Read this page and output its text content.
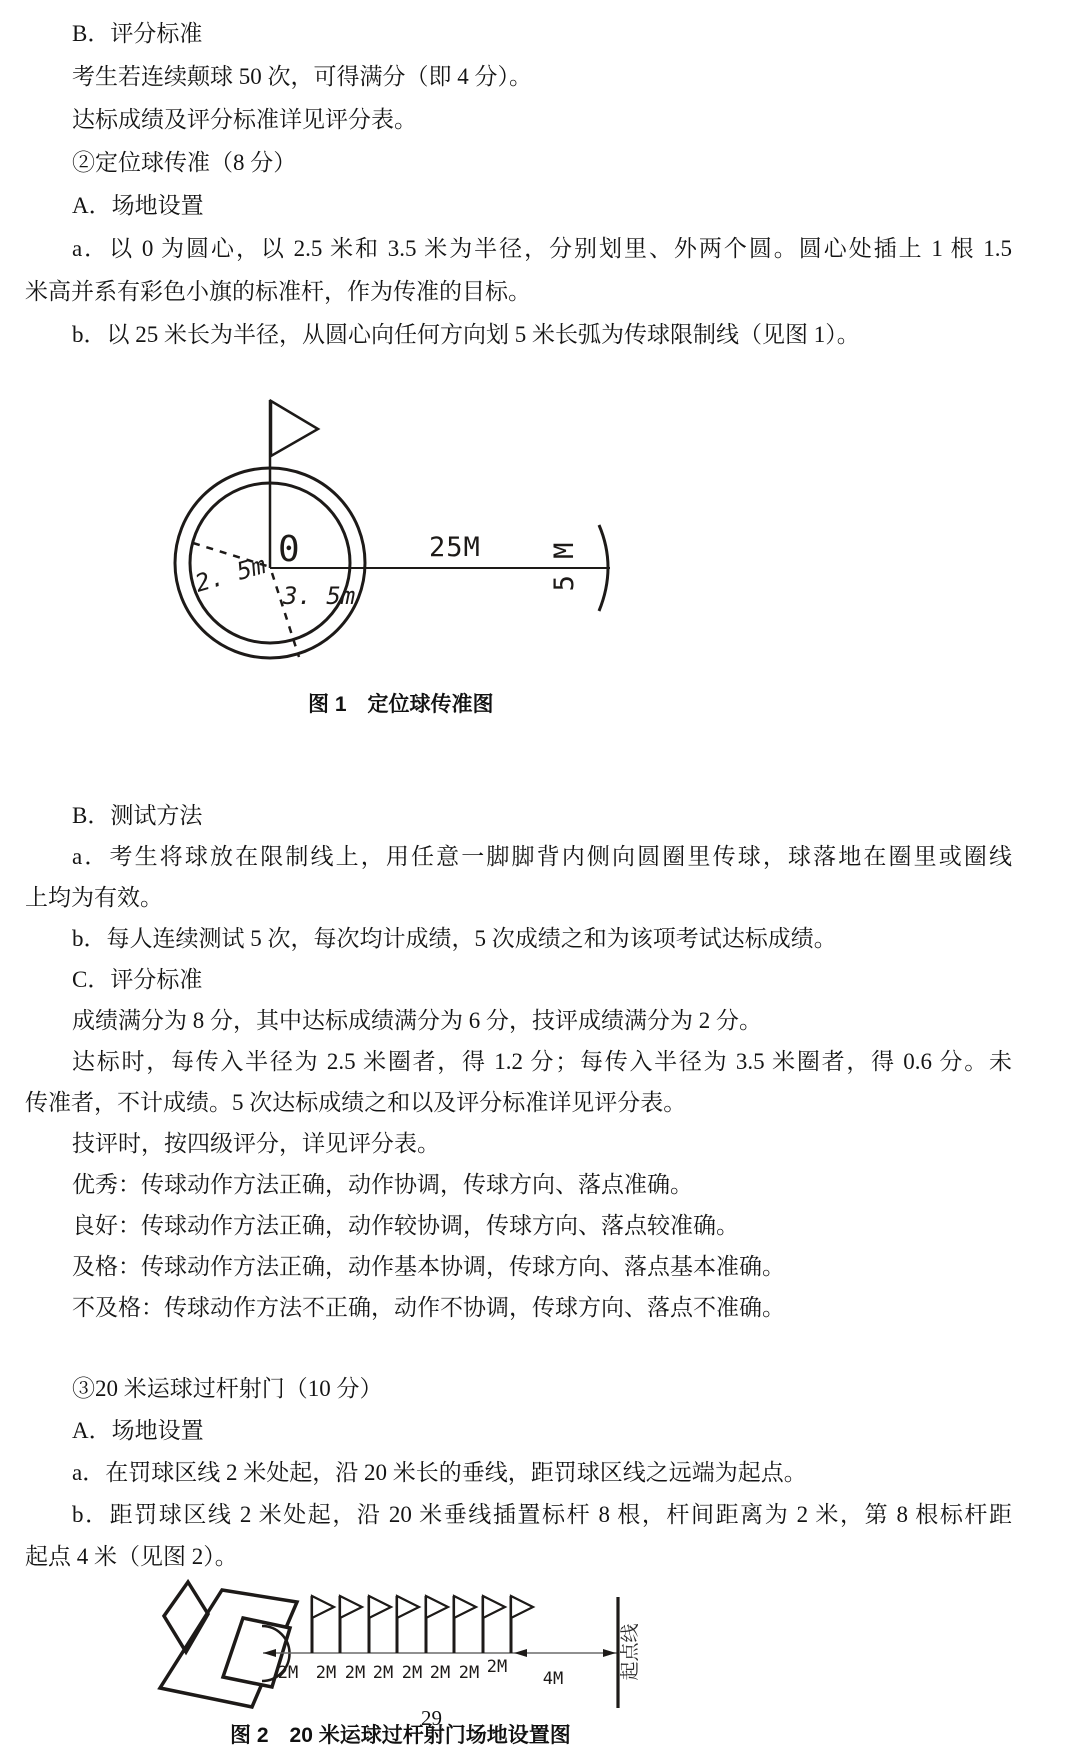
B．评分标准
考生若连续颠球 50 次，可得满分（即 4 分）。
达标成绩及评分标准详见评分表。
②定位球传准（8 分）
A．场地设置
a．以 0 为圆心，以 2.5 米和 3.5 米为半径，分别划里、外两个圆。圆心处插上 1 根 1.5
米高并系有彩色小旗的标准杆，作为传准的目标。
b．以 25 米长为半径，从圆心向任何方向划 5 米长弧为传球限制线（见图 1）。
B．测试方法
a．考生将球放在限制线上，用任意一脚脚背内侧向圆圈里传球，球落地在圈里或圈线
上均为有效。
b．每人连续测试 5 次，每次均计成绩，5 次成绩之和为该项考试达标成绩。
C．评分标准
成绩满分为 8 分，其中达标成绩满分为 6 分，技评成绩满分为 2 分。
达标时，每传入半径为 2.5 米圈者，得 1.2 分；每传入半径为 3.5 米圈者，得 0.6 分。未
传准者，不计成绩。5 次达标成绩之和以及评分标准详见评分表。
技评时，按四级评分，详见评分表。
优秀：传球动作方法正确，动作协调，传球方向、落点准确。
良好：传球动作方法正确，动作较协调，传球方向、落点较准确。
及格：传球动作方法正确，动作基本协调，传球方向、落点基本准确。
不及格：传球动作方法不正确，动作不协调，传球方向、落点不准确。
③20 米运球过杆射门（10 分）
A．场地设置
a．在罚球区线 2 米处起，沿 20 米长的垂线，距罚球区线之远端为起点。
b．距罚球区线 2 米处起，沿 20 米垂线插置标杆 8 根，杆间距离为 2 米，第 8 根标杆距
起点 4 米（见图 2）。
0
2. 5m 3. 5m
25M	5 M
图 1　定位球传准图
2M 2M 2M 2M 2M 2M 2M 2M
4M	起点线
图 2　20 米运球过杆射门场地设置图
29
